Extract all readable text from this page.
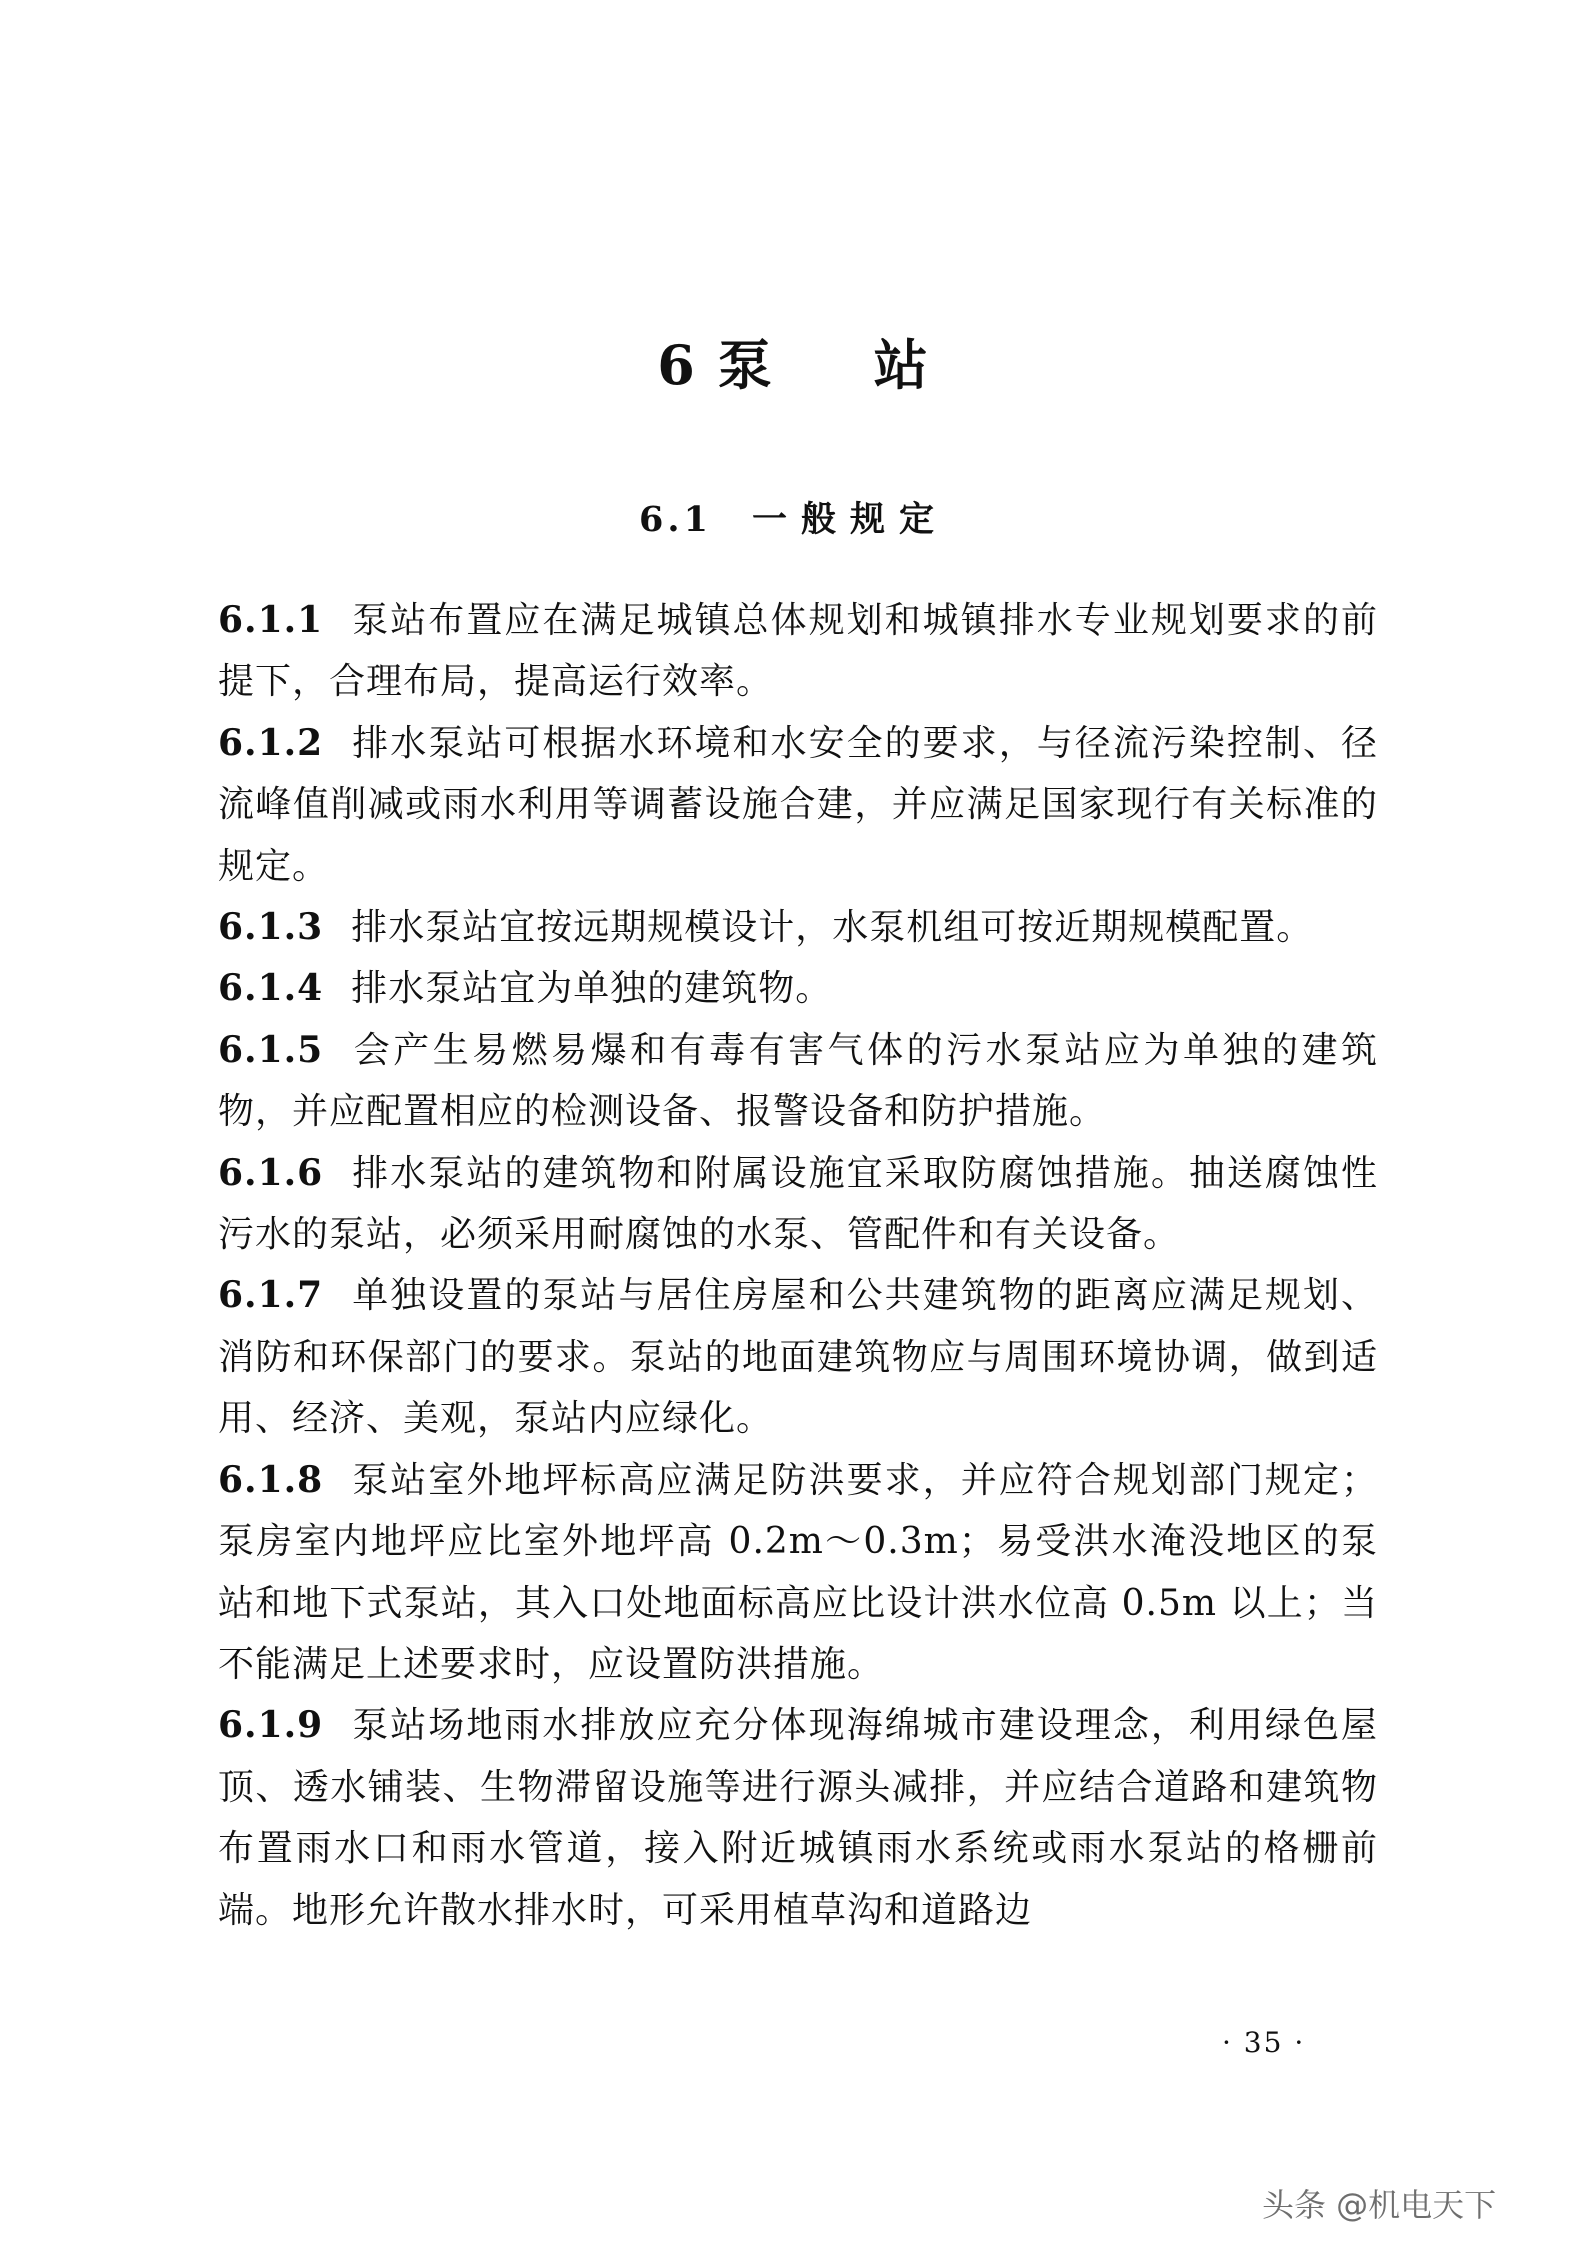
6 泵 站
6.1 一般规定

6.1.1 泵站布置应在满足城镇总体规划和城镇排水专业规划要求的前提下，合理布局，提高运行效率。

6.1.2 排水泵站可根据水环境和水安全的要求，与径流污染控制、径流峰值削减或雨水利用等调蓄设施合建，并应满足国家现行有关标准的规定。

6.1.3 排水泵站宜按远期规模设计，水泵机组可按近期规模配置。

6.1.4 排水泵站宜为单独的建筑物。

6.1.5 会产生易燃易爆和有毒有害气体的污水泵站应为单独的建筑物，并应配置相应的检测设备、报警设备和防护措施。

6.1.6 排水泵站的建筑物和附属设施宜采取防腐蚀措施。抽送腐蚀性污水的泵站，必须采用耐腐蚀的水泵、管配件和有关设备。

6.1.7 单独设置的泵站与居住房屋和公共建筑物的距离应满足规划、消防和环保部门的要求。泵站的地面建筑物应与周围环境协调，做到适用、经济、美观，泵站内应绿化。

6.1.8 泵站室外地坪标高应满足防洪要求，并应符合规划部门规定；泵房室内地坪应比室外地坪高 0.2m～0.3m；易受洪水淹没地区的泵站和地下式泵站，其入口处地面标高应比设计洪水位高 0.5m 以上；当不能满足上述要求时，应设置防洪措施。

6.1.9 泵站场地雨水排放应充分体现海绵城市建设理念，利用绿色屋顶、透水铺装、生物滞留设施等进行源头减排，并应结合道路和建筑物布置雨水口和雨水管道，接入附近城镇雨水系统或雨水泵站的格栅前端。地形允许散水排水时，可采用植草沟和道路边

· 35 ·
头条 @机电天下
